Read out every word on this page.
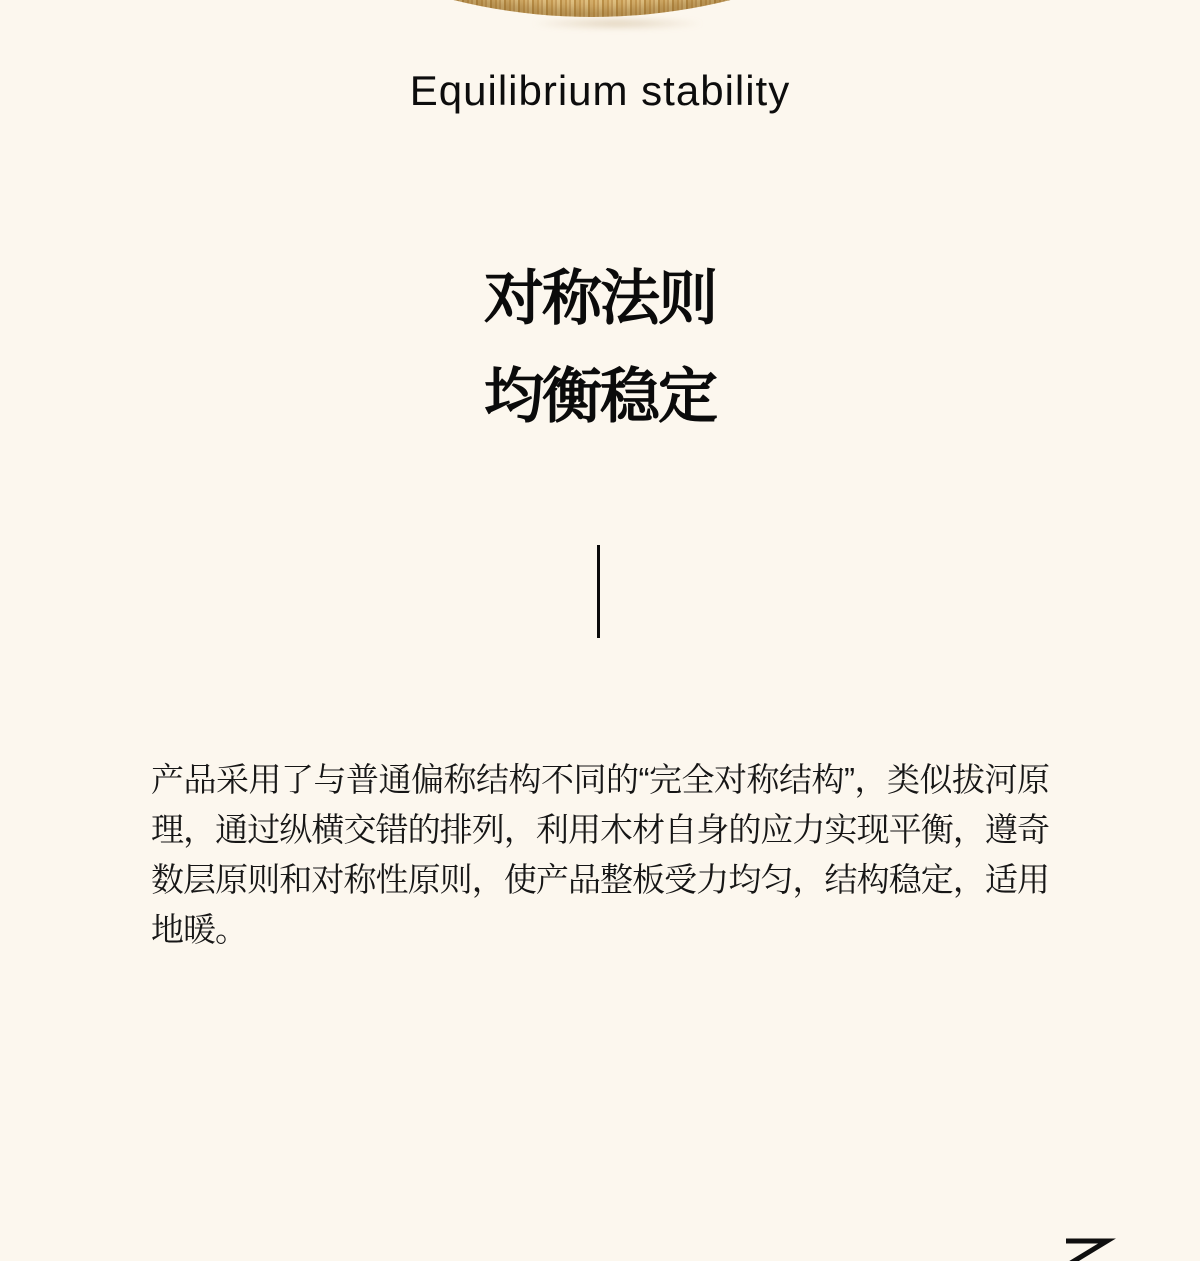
Equilibrium stability
对称法则
均衡稳定

产品采用了与普通偏称结构不同的“完全对称结构”，类似拔河原理，通过纵横交错的排列，利用木材自身的应力实现平衡，遵奇数层原则和对称性原则，使产品整板受力均匀，结构稳定，适用地暖。
